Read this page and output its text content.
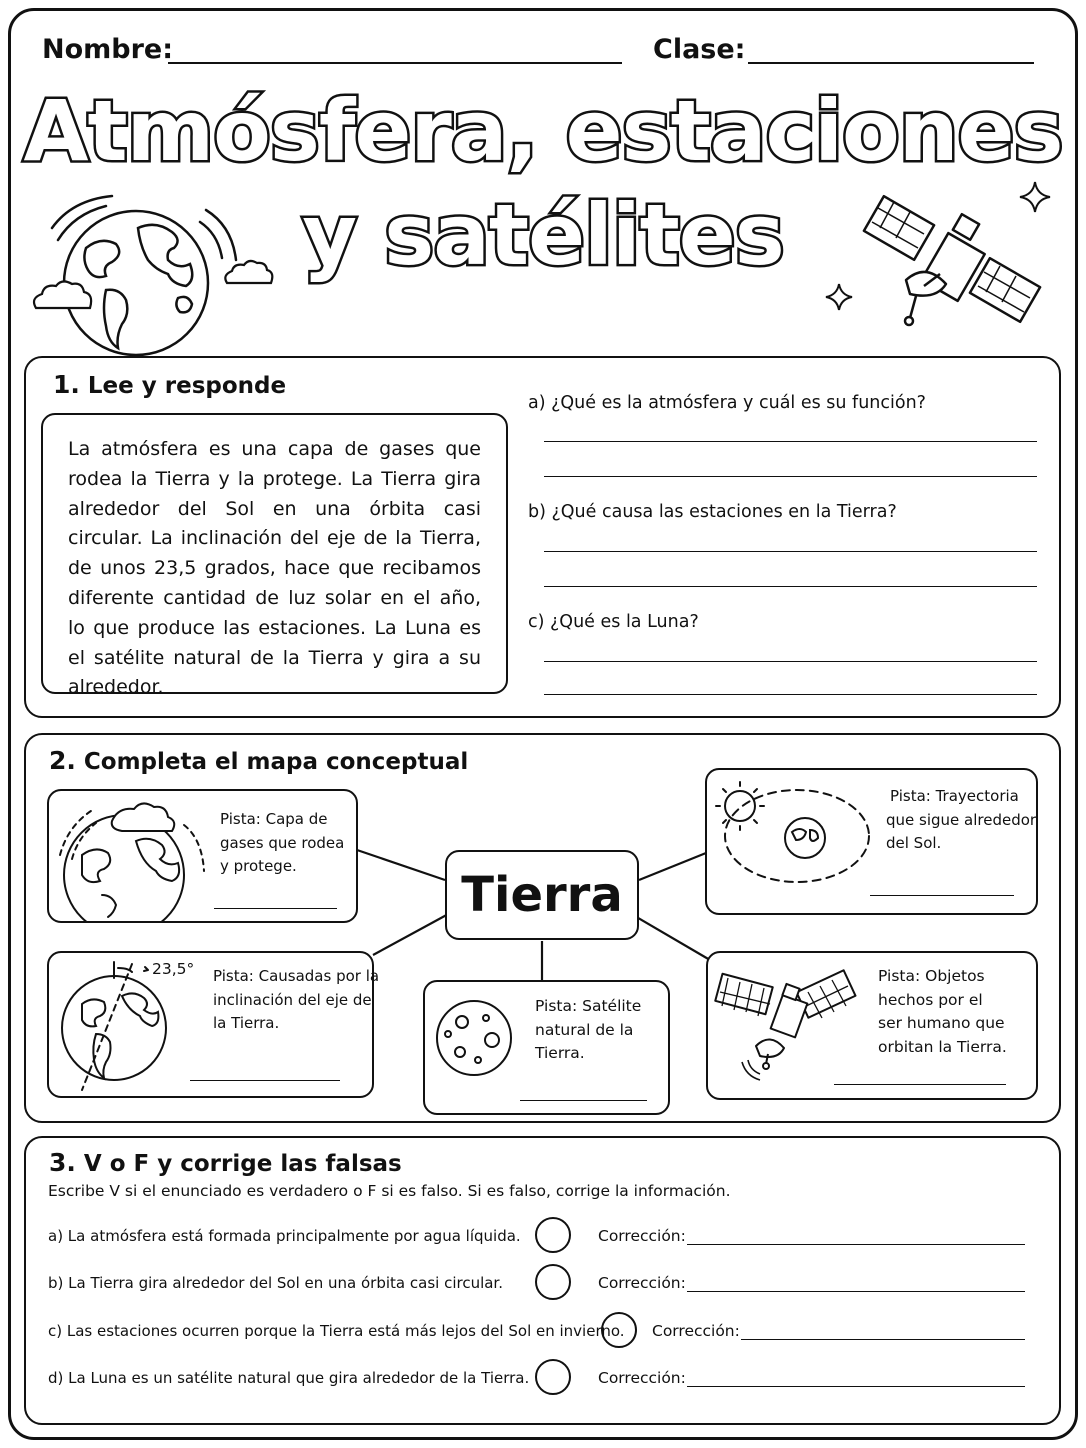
Nombre:	Clase:
Atmósfera, estaciones
y satélites
1. Lee y responde
La atmósfera es una capa de gases que rodea la Tierra y la protege. La Tierra gira alrededor del Sol en una órbita casi circular. La inclinación del eje de la Tierra, de unos 23,5 grados, hace que recibamos diferente cantidad de luz solar en el año, lo que produce las estaciones. La Luna es el satélite natural de la Tierra y gira a su alrededor.
a) ¿Qué es la atmósfera y cuál es su función?
b) ¿Qué causa las estaciones en la Tierra?
c) ¿Qué es la Luna?
2. Completa el mapa conceptual
Pista: Capa de
gases que rodea
y protege.
Pista: Trayectoria
que sigue alrededor
del Sol.
Tierra
23,5° Pista: Causadas por la
inclinación del eje de
la Tierra.
Pista: Satélite
natural de la
Tierra.
Pista: Objetos
hechos por el
ser humano que
orbitan la Tierra.
3. V o F y corrige las falsas
Escribe V si el enunciado es verdadero o F si es falso. Si es falso, corrige la información.
a) La atmósfera está formada principalmente por agua líquida.	Corrección:
b) La Tierra gira alrededor del Sol en una órbita casi circular.	Corrección:
c) Las estaciones ocurren porque la Tierra está más lejos del Sol en invierno. Corrección:
d) La Luna es un satélite natural que gira alrededor de la Tierra.	Corrección:
